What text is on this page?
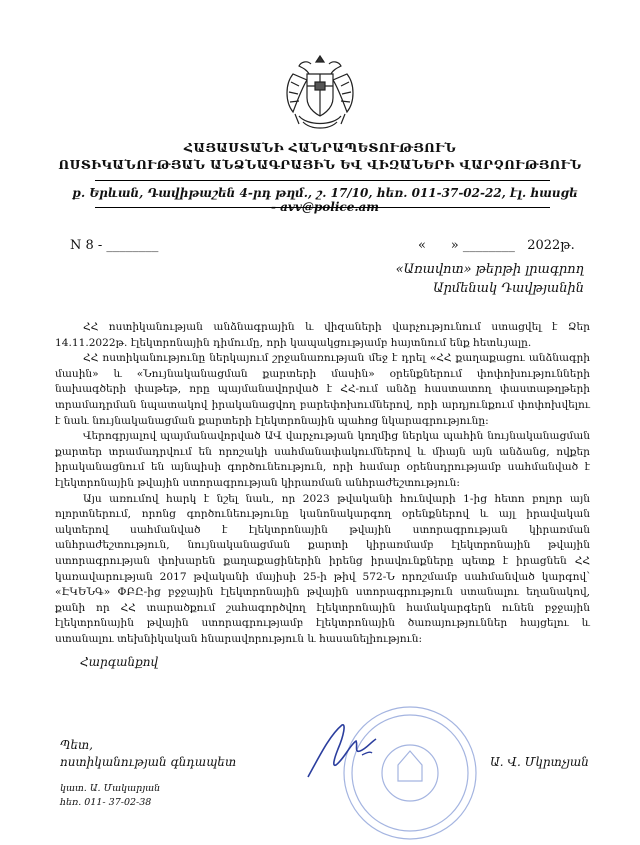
ՀԱՅԱՍՏԱՆԻ ՀԱՆՐԱՊԵՏՈՒԹՅՈՒՆ
ՈՍՏԻԿԱՆՈՒԹՅԱՆ ԱՆՁՆԱԳՐԱՅԻՆ ԵՎ ՎԻԶԱՆԵՐԻ ՎԱՐՉՈՒԹՅՈՒՆ
ք. Երևան, Դավիթաշեն 4-րդ թղմ., շ. 17/10, հեռ. 011-37-02-22, էլ. հասցե - avv@police.am
N 8 - ________	«      » ________   2022թ.
«Առավոտ» թերթի լրագրող
Արմենակ Դավթյանին

ՀՀ ոստիկանության անձնագրային և վիզաների վարչությունում ստացվել է Ձեր 14.11.2022թ. էլեկտրոնային դիմումը, որի կապակցությամբ հայտնում ենք հետևյալը.

ՀՀ ոստիկանությունը ներկայում շրջանառության մեջ է դրել «ՀՀ քաղաքացու անձնագրի մասին» և «Նույնականացման քարտերի մասին» օրենքներում փոփոխությունների նախագծերի փաթեթ, որը պայմանավորված է ՀՀ-ում անձը հաստատող փաստաթղթերի տրամադրման նպատակով իրականացվող բարեփոխումներով, որի արդյունքում փոփոխվելու է նաև նույնականացման քարտերի էլեկտրոնային պահոց նկարագրությունը:

Վերոգրյալով պայմանավորված ԱՎ վարչության կողմից ներկա պահին նույնականացման քարտեր տրամադրվում են որոշակի սահմանափակումներով և միայն այն անձանց, ովքեր իրականացնում են այնպիսի գործունեություն, որի համար օրենսդրությամբ սահմանված է էլեկտրոնային թվային ստորագրության կիրառման անհրաժեշտություն:

Այս առումով հարկ է նշել նաև, որ 2023 թվականի հունվարի 1-ից հետո բոլոր այն ոլորտներում, որոնց գործունեությունը կանոնակարգող օրենքներով և այլ իրավական ակտերով սահմանված է էլեկտրոնային թվային ստորագրության կիրառման անհրաժեշտություն, նույնականացման քարտի կիրառմամբ էլեկտրոնային թվային ստորագրության փոխարեն քաղաքացիներին իրենց իրավունքները պետք է իրացնեն ՀՀ կառավարության 2017 թվականի մայիսի 25-ի թիվ 572-Ն որոշմամբ սահմանված կարգով՝ «ԷԿԵՆԳ» ՓԲԸ-ից բջջային էլեկտրոնային թվային ստորագրություն ստանալու եղանակով, քանի որ ՀՀ տարածքում շահագործվող էլեկտրոնային համակարգերն ունեն բջջային էլեկտրոնային թվային ստորագրությամբ էլեկտրոնային ծառայություններ հայցելու և ստանալու տեխնիկական հնարավորություն և հասանելիություն:

Հարգանքով
Պետ,
ոստիկանության գնդապետ	Ա. Վ. Մկրտչյան
կատ. Ա. Մակարյան
հեռ. 011- 37-02-38
